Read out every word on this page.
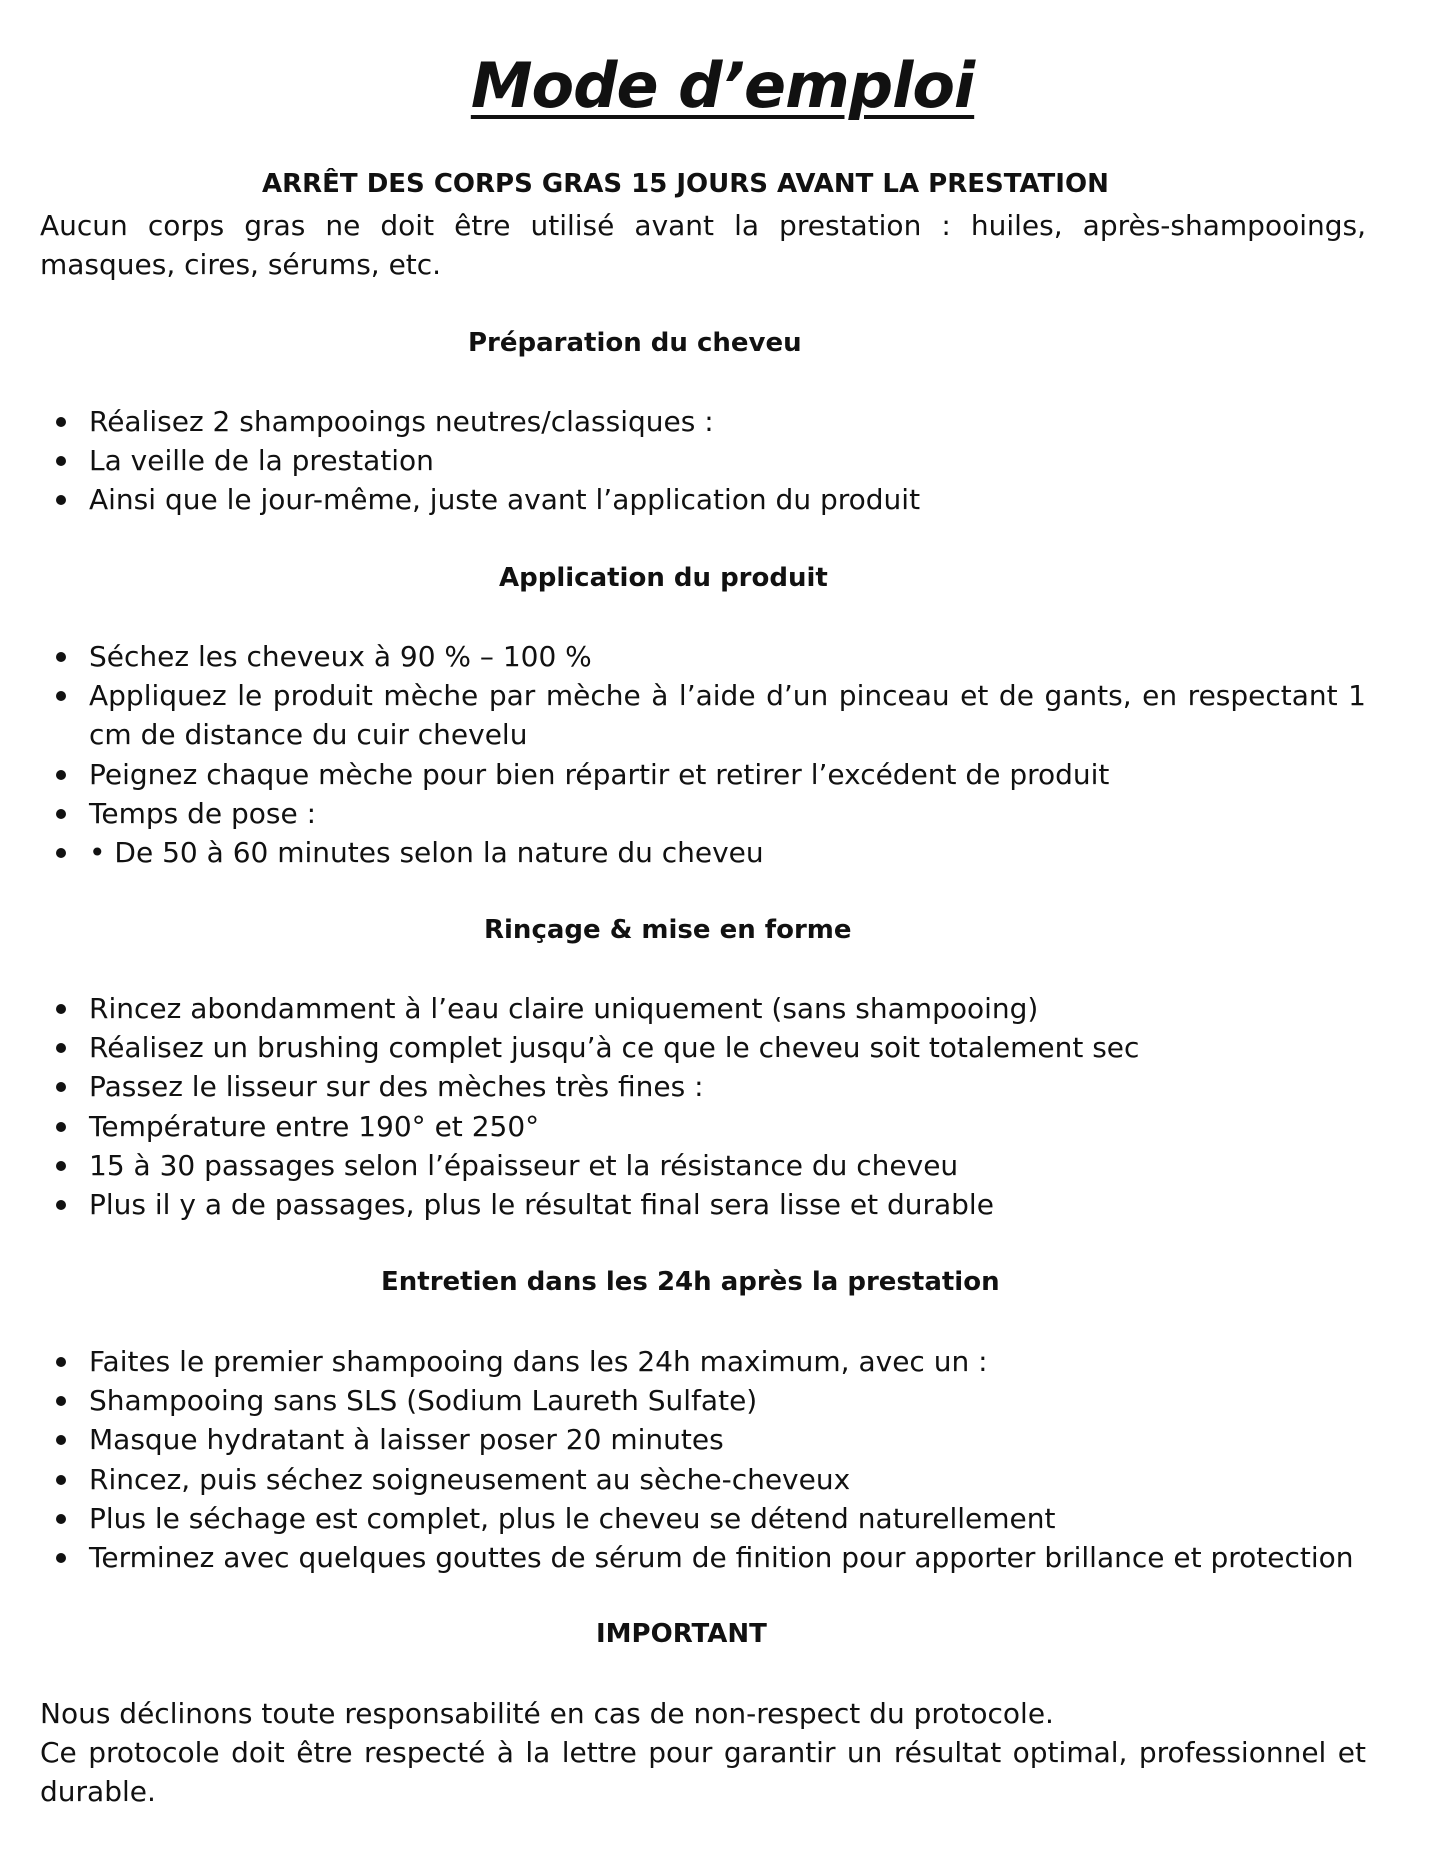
Mode d’emploi
ARRÊT DES CORPS GRAS 15 JOURS AVANT LA PRESTATION

Aucun corps gras ne doit être utilisé avant la prestation : huiles, après-shampooings, masques, cires, sérums, etc.

Préparation du cheveu
Réalisez 2 shampooings neutres/classiques :
La veille de la prestation
Ainsi que le jour-même, juste avant l’application du produit
Application du produit
Séchez les cheveux à 90 % – 100 %
Appliquez le produit mèche par mèche à l’aide d’un pinceau et de gants, en respectant 1 cm de distance du cuir chevelu
Peignez chaque mèche pour bien répartir et retirer l’excédent de produit
Temps de pose :
• De 50 à 60 minutes selon la nature du cheveu
Rinçage & mise en forme
Rincez abondamment à l’eau claire uniquement (sans shampooing)
Réalisez un brushing complet jusqu’à ce que le cheveu soit totalement sec
Passez le lisseur sur des mèches très fines :
Température entre 190° et 250°
15 à 30 passages selon l’épaisseur et la résistance du cheveu
Plus il y a de passages, plus le résultat final sera lisse et durable
Entretien dans les 24h après la prestation
Faites le premier shampooing dans les 24h maximum, avec un :
Shampooing sans SLS (Sodium Laureth Sulfate)
Masque hydratant à laisser poser 20 minutes
Rincez, puis séchez soigneusement au sèche-cheveux
Plus le séchage est complet, plus le cheveu se détend naturellement
Terminez avec quelques gouttes de sérum de finition pour apporter brillance et protection
IMPORTANT

Nous déclinons toute responsabilité en cas de non-respect du protocole.

Ce protocole doit être respecté à la lettre pour garantir un résultat optimal, professionnel et durable.
